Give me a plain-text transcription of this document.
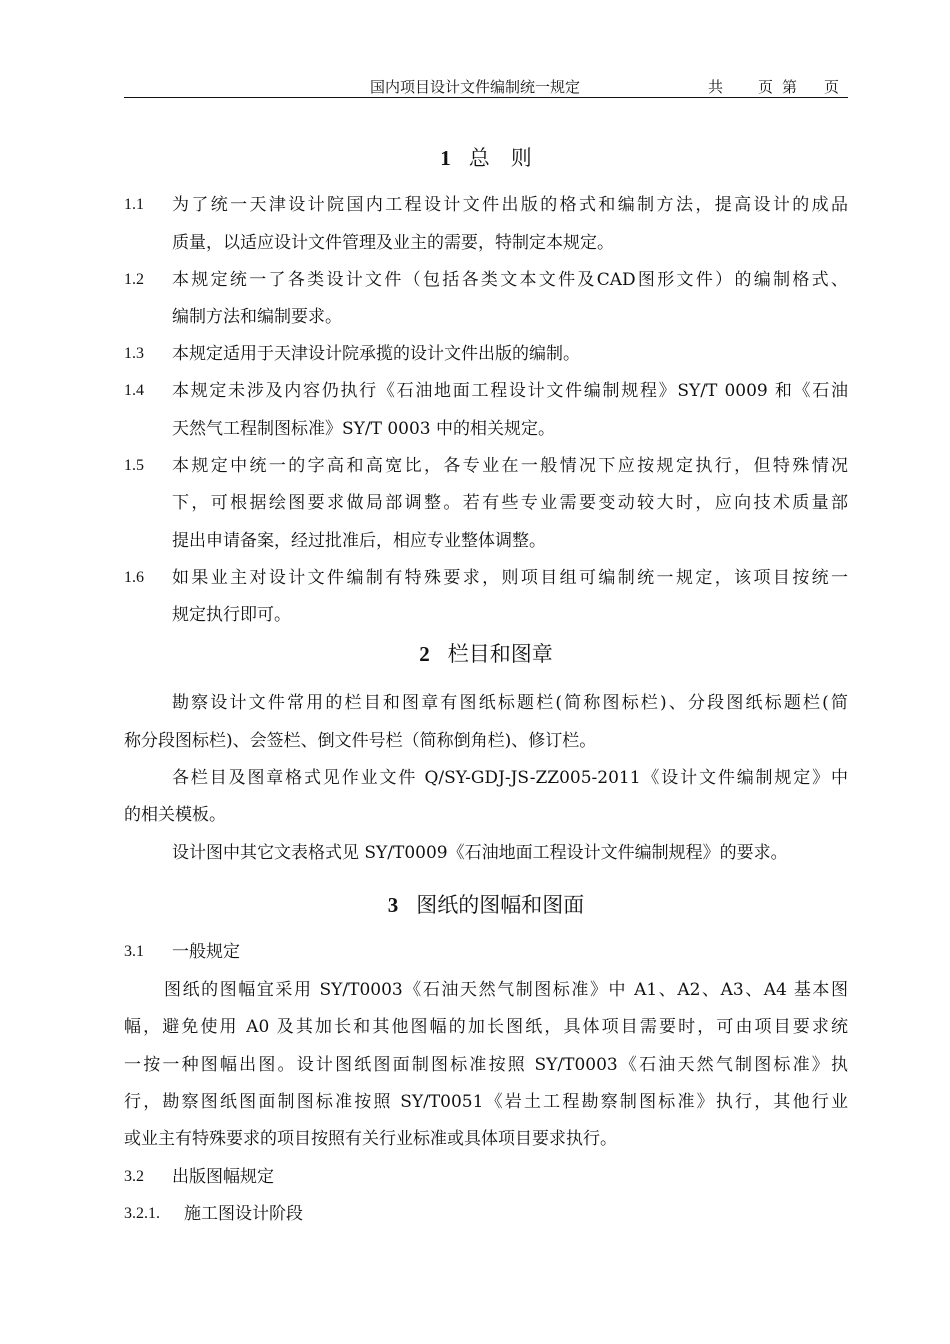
国内项目设计文件编制统一规定	共 页 第 页
1 总　则
1.1 为了统一天津设计院国内工程设计文件出版的格式和编制方法，提高设计的成品
质量，以适应设计文件管理及业主的需要，特制定本规定。
1.2 本规定统一了各类设计文件（包括各类文本文件及CAD图形文件）的编制格式、
编制方法和编制要求。
1.3 本规定适用于天津设计院承揽的设计文件出版的编制。
1.4 本规定未涉及内容仍执行《石油地面工程设计文件编制规程》SY/T 0009 和《石油
天然气工程制图标准》SY/T 0003 中的相关规定。
1.5 本规定中统一的字高和高宽比，各专业在一般情况下应按规定执行，但特殊情况
下，可根据绘图要求做局部调整。若有些专业需要变动较大时，应向技术质量部
提出申请备案，经过批准后，相应专业整体调整。
1.6 如果业主对设计文件编制有特殊要求，则项目组可编制统一规定，该项目按统一
规定执行即可。
2 栏目和图章
勘察设计文件常用的栏目和图章有图纸标题栏(简称图标栏)、分段图纸标题栏(简
称分段图标栏)、会签栏、倒文件号栏（简称倒角栏)、修订栏。
各栏目及图章格式见作业文件 Q/SY-GDJ-JS-ZZ005-2011《设计文件编制规定》中
的相关模板。
设计图中其它文表格式见 SY/T0009《石油地面工程设计文件编制规程》的要求。
3 图纸的图幅和图面
3.1 一般规定
图纸的图幅宜采用 SY/T0003《石油天然气制图标准》中 A1、A2、A3、A4 基本图
幅，避免使用 A0 及其加长和其他图幅的加长图纸，具体项目需要时，可由项目要求统
一按一种图幅出图。设计图纸图面制图标准按照 SY/T0003《石油天然气制图标准》执
行，勘察图纸图面制图标准按照 SY/T0051《岩土工程勘察制图标准》执行，其他行业
或业主有特殊要求的项目按照有关行业标准或具体项目要求执行。
3.2 出版图幅规定
3.2.1. 施工图设计阶段
